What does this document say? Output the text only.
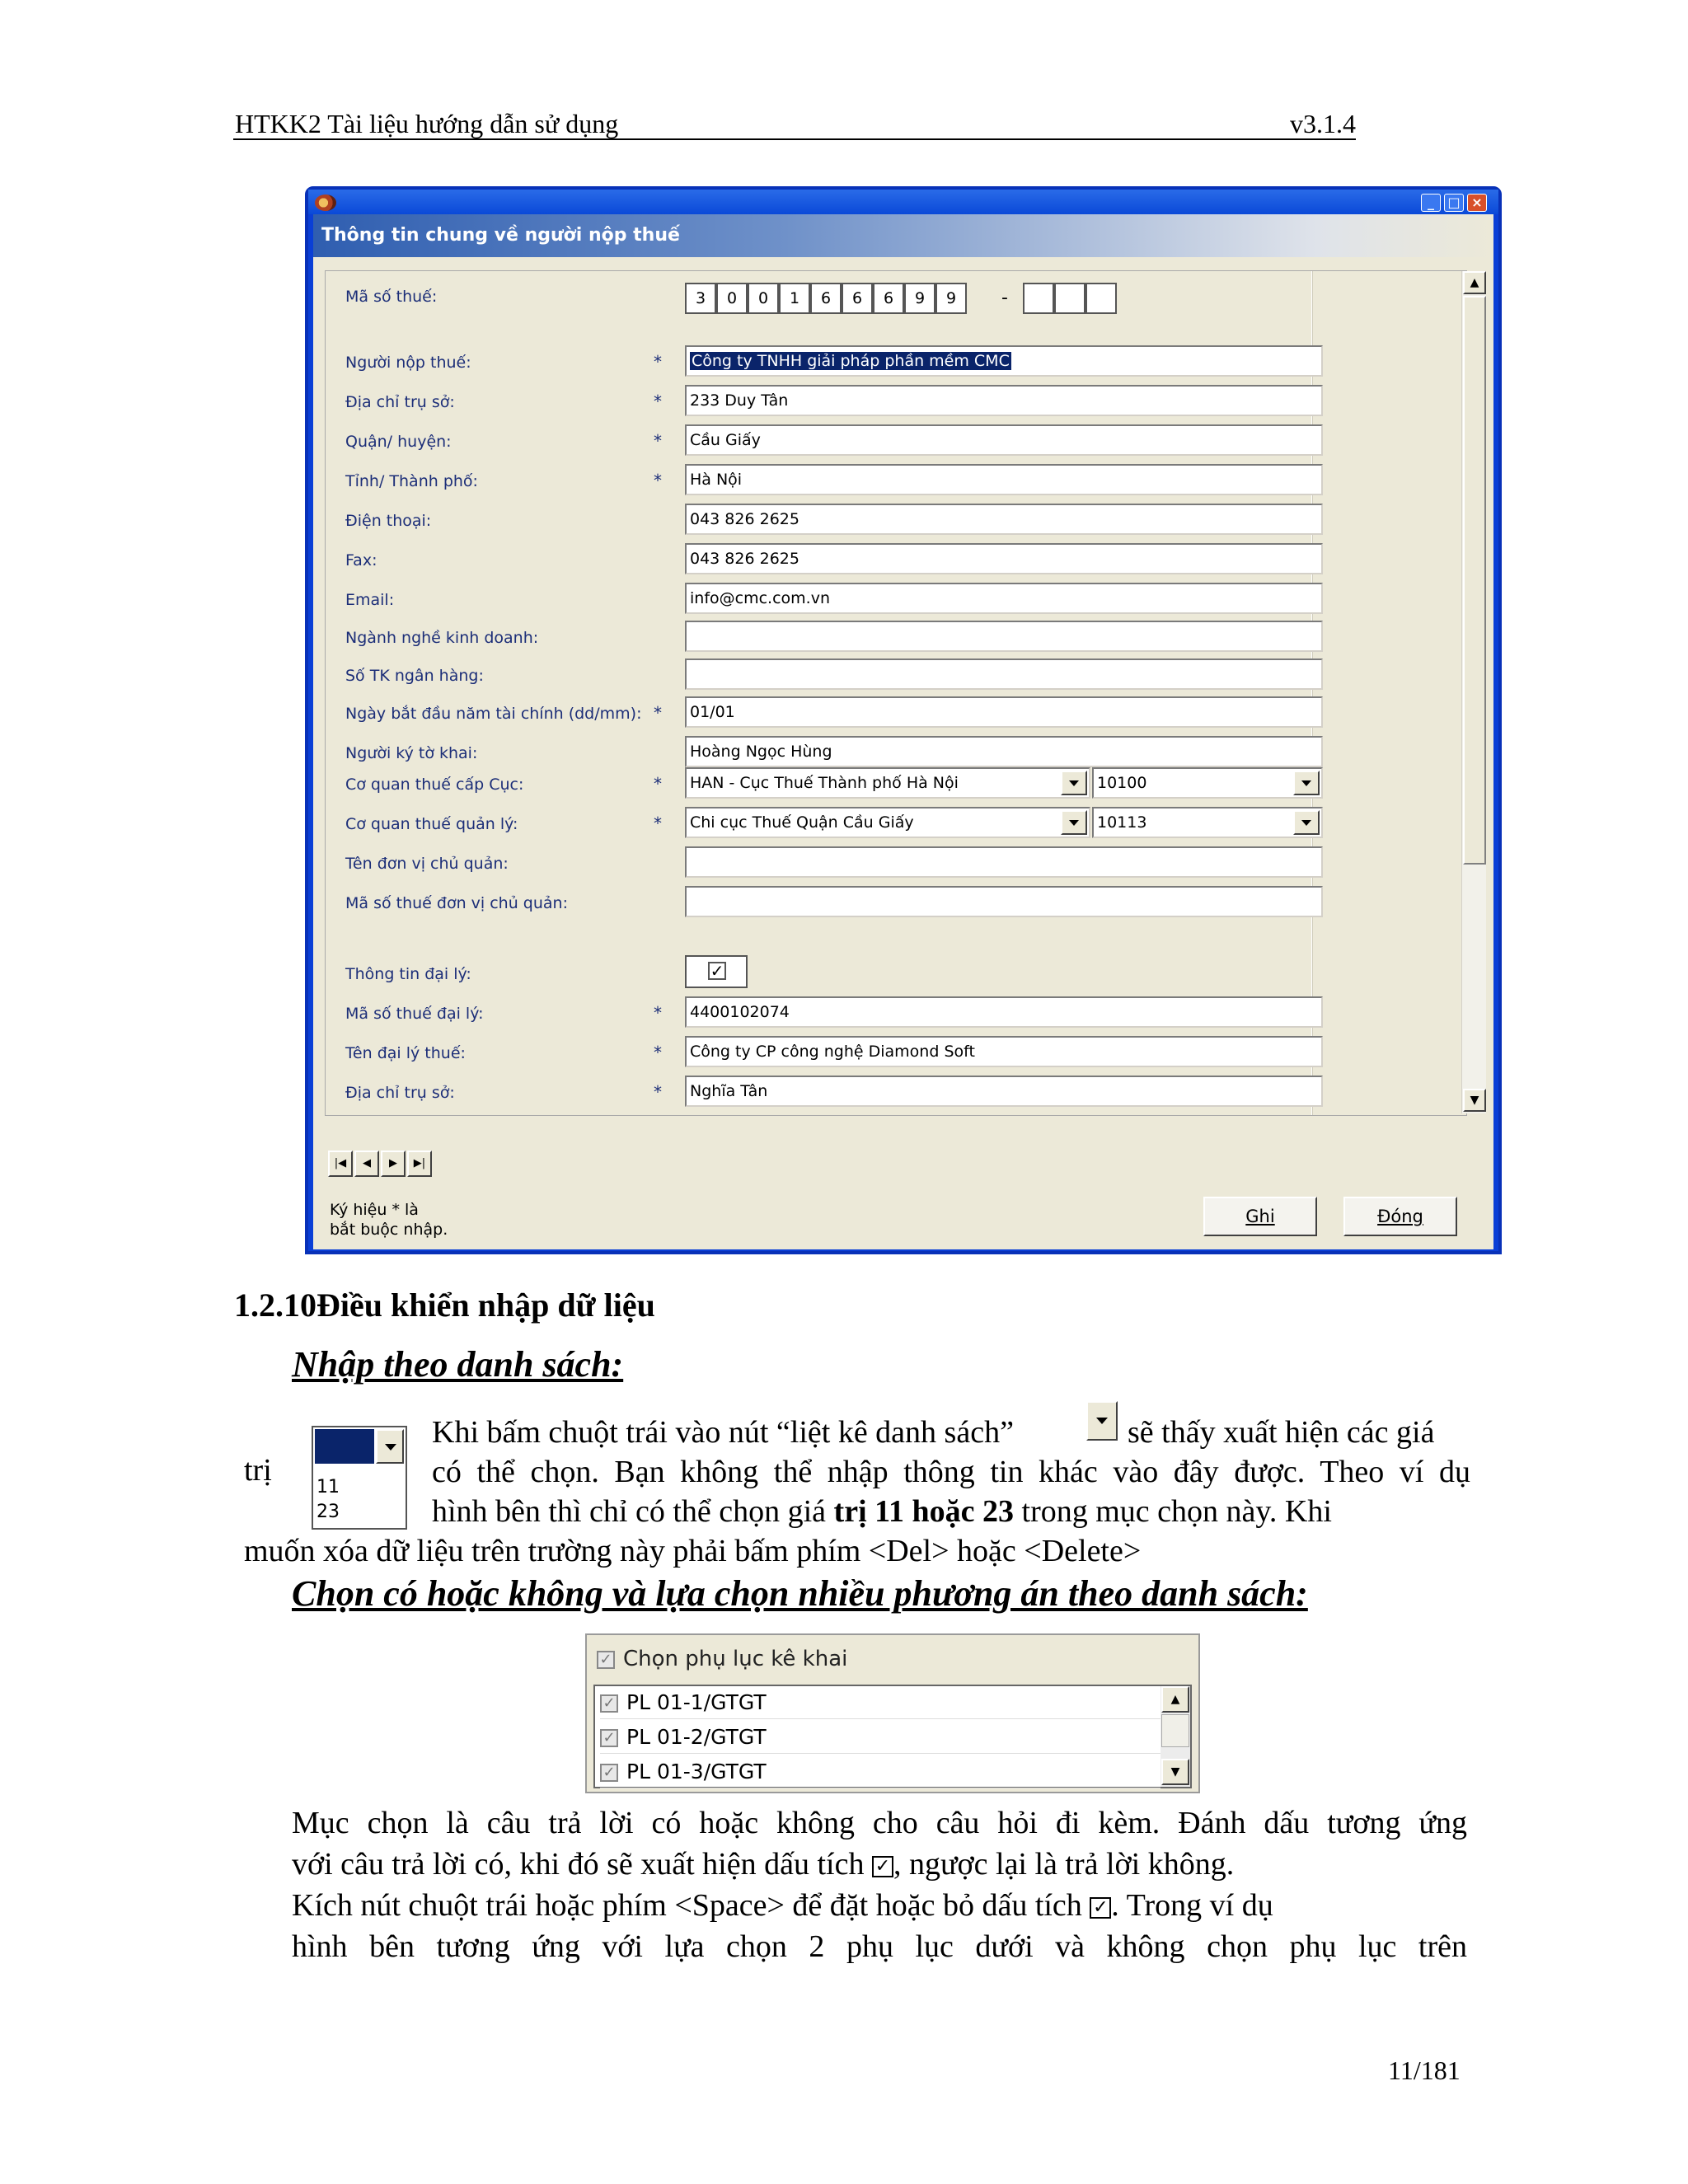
HTKK2 Tài liệu hướng dẫn sử dụng	v3.1.4
_	□ ×
Thông tin chung về người nộp thuế
Mã số thuế:	3	0	0	1	6	6	6	9	9	-
Người nộp thuế:	*	Công ty TNHH giải pháp phần mềm CMC
Địa chỉ trụ sở:	*	233 Duy Tân
Quận/ huyện:	*	Cầu Giấy
Tỉnh/ Thành phố:	*	Hà Nội
Điện thoại:	043 826 2625
Fax:	043 826 2625
Email:	info@cmc.com.vn
Ngành nghề kinh doanh:
Số TK ngân hàng:
Ngày bắt đầu năm tài chính (dd/mm): *	01/01
Người ký tờ khai:	Hoàng Ngọc Hùng
Cơ quan thuế cấp Cục:	*	HAN - Cục Thuế Thành phố Hà Nội	10100
Cơ quan thuế quản lý:	*	Chi cục Thuế Quận Cầu Giấy	10113
Tên đơn vị chủ quản:
Mã số thuế đơn vị chủ quản:
Thông tin đại lý:	✓
Mã số thuế đại lý:	*	4400102074
Tên đại lý thuế:	*	Công ty CP công nghệ Diamond Soft
Địa chỉ trụ sở:	*	Nghĩa Tân
▲
▼
|◀	◀	▶	▶|
Ký hiệu * là
bắt buộc nhập.
Ghi	Đóng
1.2.10Điều khiển nhập dữ liệu
Nhập theo danh sách:
11
23
trị
Khi bấm chuột trái vào nút “liệt kê danh sách”	sẽ thấy xuất hiện các giá
có thể chọn. Bạn không thể nhập thông tin khác vào đây được. Theo ví dụ
hình bên thì chỉ có thể chọn giá trị 11 hoặc 23 trong mục chọn này. Khi
muốn xóa dữ liệu trên trường này phải bấm phím <Del> hoặc <Delete>
Chọn có hoặc không và lựa chọn nhiều phương án theo danh sách:
✓ Chọn phụ lục kê khai
✓ PL 01-1/GTGT
✓ PL 01-2/GTGT
✓ PL 01-3/GTGT
▲
▼
Mục chọn là câu trả lời có hoặc không cho câu hỏi đi kèm. Đánh dấu tương ứng
với câu trả lời có, khi đó sẽ xuất hiện dấu tích ✓, ngược lại là trả lời không.
Kích nút chuột trái hoặc phím <Space> để đặt hoặc bỏ dấu tích ✓. Trong ví dụ
hình bên tương ứng với lựa chọn 2 phụ lục dưới và không chọn phụ lục trên
11/181
